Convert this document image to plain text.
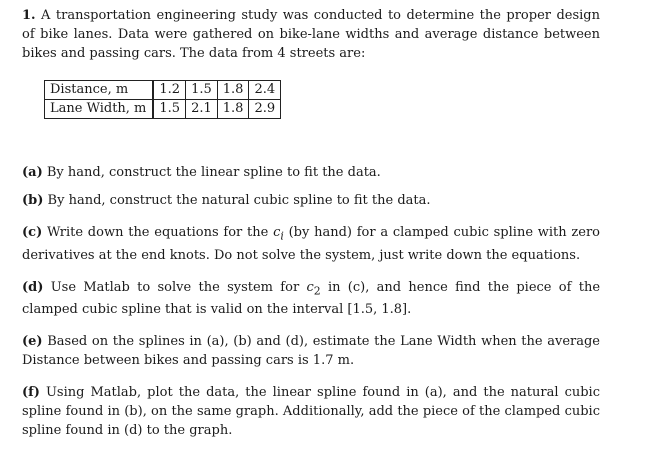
1. A transportation engineering study was conducted to determine the proper design of bike lanes. Data were gathered on bike-lane widths and average distance between bikes and passing cars. The data from 4 streets are:

Distance, m	1.2	1.5	1.8	2.4
Lane Width, m	1.5	2.1	1.8	2.9

(a) By hand, construct the linear spline to fit the data.

(b) By hand, construct the natural cubic spline to fit the data.

(c) Write down the equations for the $c_i$ (by hand) for a clamped cubic spline with zero derivatives at the end knots. Do not solve the system, just write down the equations.

(d) Use Matlab to solve the system for $c_2$ in (c), and hence find the piece of the clamped cubic spline that is valid on the interval [1.5, 1.8].

(e) Based on the splines in (a), (b) and (d), estimate the Lane Width when the average Distance between bikes and passing cars is 1.7 m.

(f) Using Matlab, plot the data, the linear spline found in (a), and the natural cubic spline found in (b), on the same graph. Additionally, add the piece of the clamped cubic spline found in (d) to the graph.
